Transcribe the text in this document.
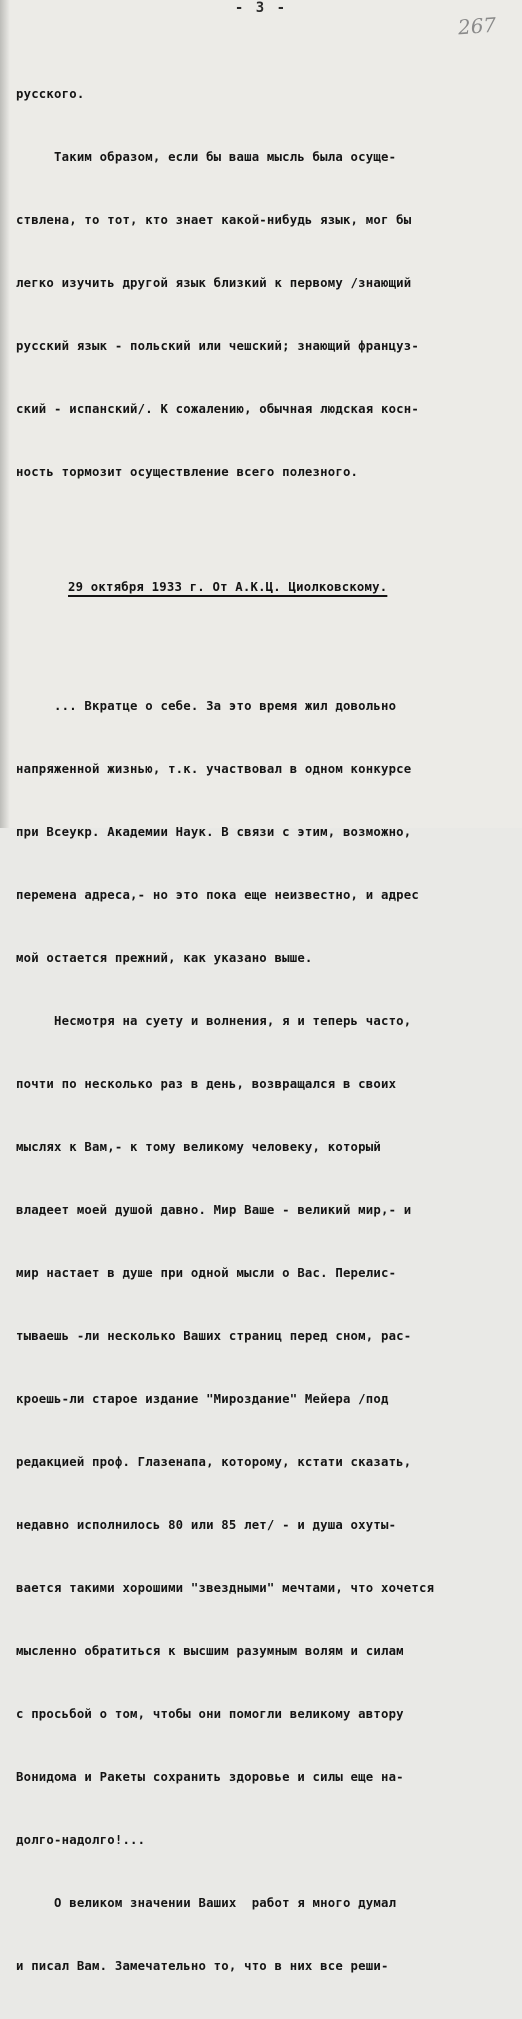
- 3 -
267

русского.

Таким образом, если бы ваша мысль была осуще-

ствлена, то тот, кто знает какой-нибудь язык, мог бы

легко изучить другой язык близкий к первому /знающий

русский язык - польский или чешский; знающий француз-

ский - испанский/. К сожалению, обычная людская косн-

ность тормозит осуществление всего полезного.

29 октября 1933 г. От А.К.Ц. Циолковскому.

... Вкратце о себе. За это время жил довольно

напряженной жизнью, т.к. участвовал в одном конкурсе

при Всеукр. Академии Наук. В связи с этим, возможно,

перемена адреса,- но это пока еще неизвестно, и адрес

мой остается прежний, как указано выше.

Несмотря на суету и волнения, я и теперь часто,

почти по несколько раз в день, возвращался в своих

мыслях к Вам,- к тому великому человеку, который

владеет моей душой давно. Мир Ваше - великий мир,- и

мир настает в душе при одной мысли о Вас. Перелис-

тываешь -ли несколько Ваших страниц перед сном, рас-

кроешь-ли старое издание "Мироздание" Мейера /под

редакцией проф. Глазенапа, которому, кстати сказать,

недавно исполнилось 80 или 85 лет/ - и душа охуты-

вается такими хорошими "звездными" мечтами, что хочется

мысленно обратиться к высшим разумным волям и силам

с просьбой о том, чтобы они помогли великому автору

Вонидома и Ракеты сохранить здоровье и силы еще на-

долго-надолго!...

О великом значении Ваших  работ я много думал

и писал Вам. Замечательно то, что в них все реши-
